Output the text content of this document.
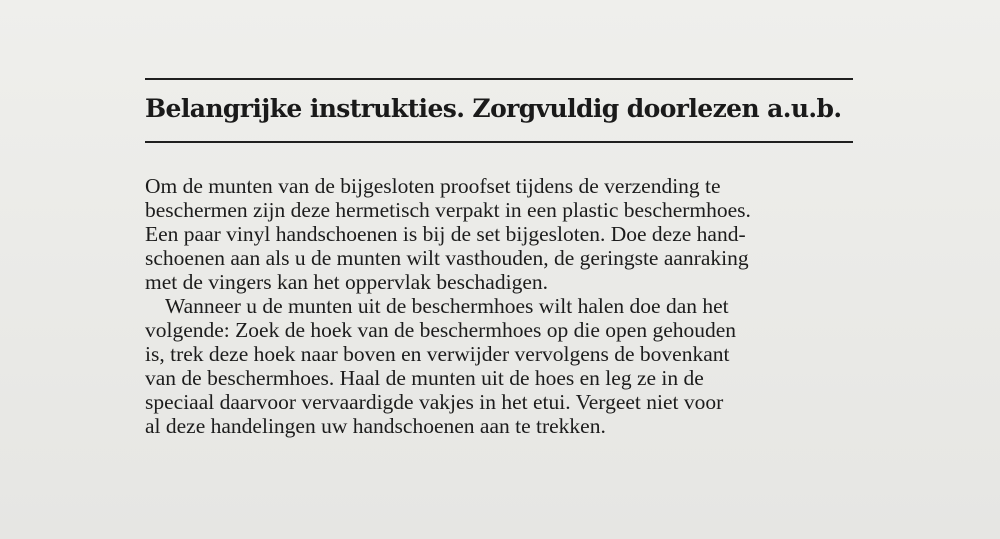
Belangrijke instrukties. Zorgvuldig doorlezen a.u.b.
Om de munten van de bijgesloten proofset tijdens de verzending te
beschermen zijn deze hermetisch verpakt in een plastic beschermhoes.
Een paar vinyl handschoenen is bij de set bijgesloten. Doe deze hand-
schoenen aan als u de munten wilt vasthouden, de geringste aanraking
met de vingers kan het oppervlak beschadigen.
Wanneer u de munten uit de beschermhoes wilt halen doe dan het
volgende: Zoek de hoek van de beschermhoes op die open gehouden
is, trek deze hoek naar boven en verwijder vervolgens de bovenkant
van de beschermhoes. Haal de munten uit de hoes en leg ze in de
speciaal daarvoor vervaardigde vakjes in het etui. Vergeet niet voor
al deze handelingen uw handschoenen aan te trekken.
